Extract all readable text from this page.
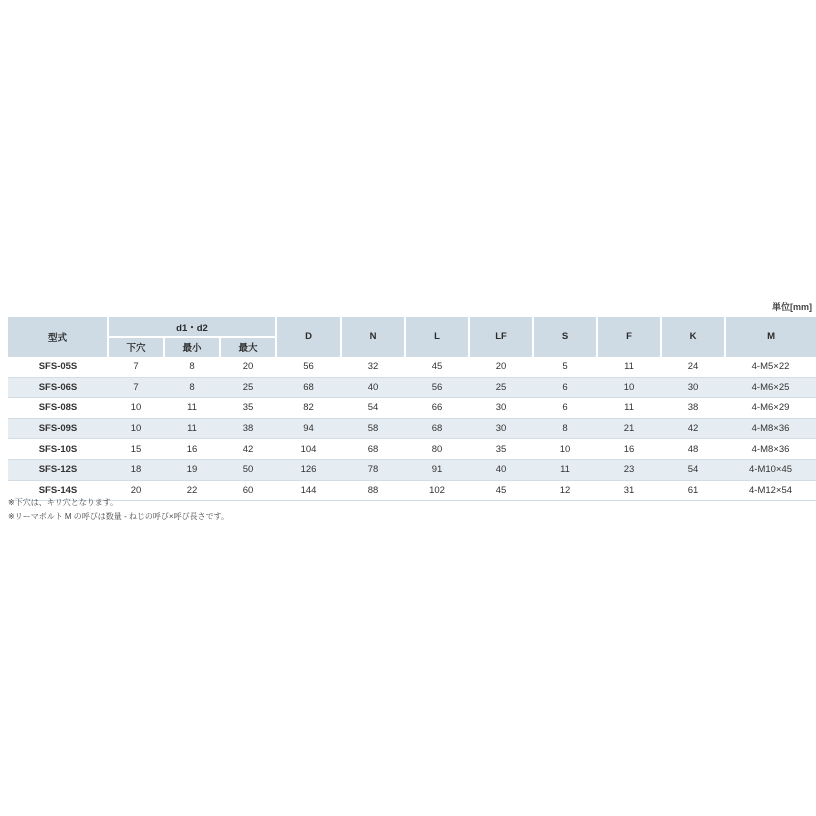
単位[mm]
型式	d1・d2			D	N	L	LF	S	F	K	M
	下穴	最小	最大								
SFS-05S	7	8	20	56	32	45	20	5	11	24	4-M5×22
SFS-06S	7	8	25	68	40	56	25	6	10	30	4-M6×25
SFS-08S	10	11	35	82	54	66	30	6	11	38	4-M6×29
SFS-09S	10	11	38	94	58	68	30	8	21	42	4-M8×36
SFS-10S	15	16	42	104	68	80	35	10	16	48	4-M8×36
SFS-12S	18	19	50	126	78	91	40	11	23	54	4-M10×45
SFS-14S	20	22	60	144	88	102	45	12	31	61	4-M12×54
※下穴は、キリ穴となります。
※リーマボルト M の呼びは数量 - ねじの呼び×呼び長さです。
